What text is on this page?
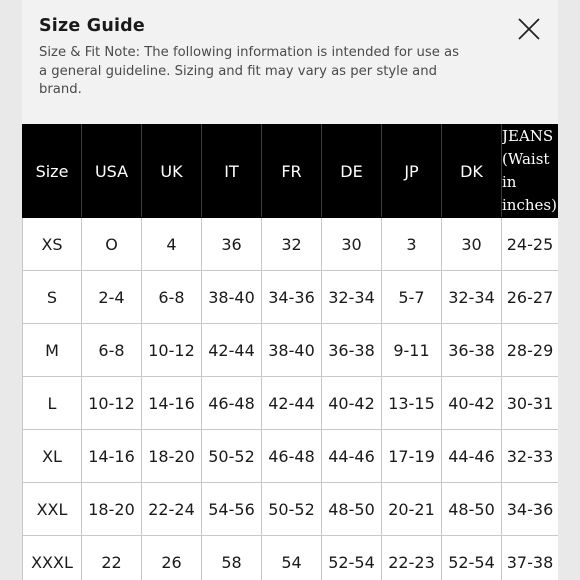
Size Guide
Size & Fit Note: The following information is intended for use as a general guideline. Sizing and fit may vary as per style and brand.
Size	USA	UK	IT	FR	DE	JP	DK	JEANS (Waist in inches)
XS	O	4	36	32	30	3	30	24-25
S	2-4	6-8	38-40	34-36	32-34	5-7	32-34	26-27
M	6-8	10-12	42-44	38-40	36-38	9-11	36-38	28-29
L	10-12	14-16	46-48	42-44	40-42	13-15	40-42	30-31
XL	14-16	18-20	50-52	46-48	44-46	17-19	44-46	32-33
XXL	18-20	22-24	54-56	50-52	48-50	20-21	48-50	34-36
XXXL	22	26	58	54	52-54	22-23	52-54	37-38
